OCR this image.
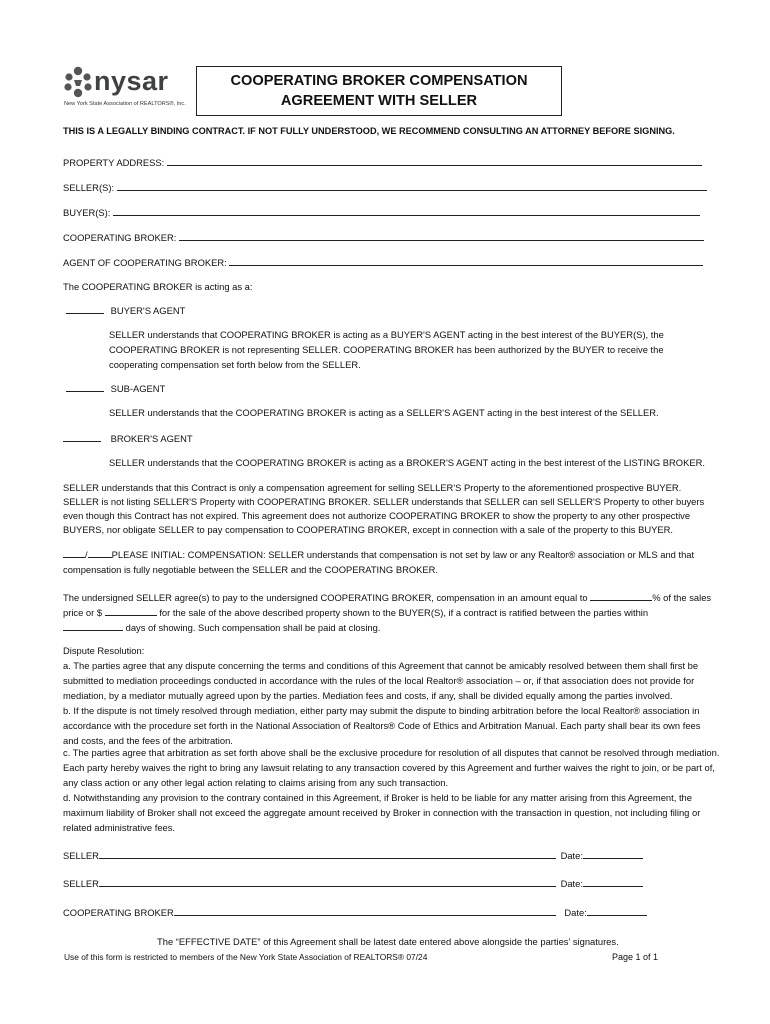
nysar
New York State Association of REALTORS®, Inc.
COOPERATING BROKER COMPENSATION
AGREEMENT WITH SELLER
THIS IS A LEGALLY BINDING CONTRACT. IF NOT FULLY UNDERSTOOD, WE RECOMMEND CONSULTING AN ATTORNEY BEFORE SIGNING.
PROPERTY ADDRESS:
SELLER(S):
BUYER(S):
COOPERATING BROKER:
AGENT OF COOPERATING BROKER:
The COOPERATING BROKER is acting as a:
BUYER'S AGENT
SELLER understands that COOPERATING BROKER is acting as a BUYER'S AGENT acting in the best interest of the BUYER(S), the
COOPERATING BROKER is not representing SELLER. COOPERATING BROKER has been authorized by the BUYER to receive the
cooperating compensation set forth below from the SELLER.
SUB-AGENT
SELLER understands that the COOPERATING BROKER is acting as a SELLER'S AGENT acting in the best interest of the SELLER.
BROKER'S AGENT
SELLER understands that the COOPERATING BROKER is acting as a BROKER'S AGENT acting in the best interest of the LISTING BROKER.
SELLER understands that this Contract is only a compensation agreement for selling SELLER'S Property to the aforementioned prospective BUYER.
SELLER is not listing SELLER'S Property with COOPERATING BROKER. SELLER understands that SELLER can sell SELLER'S Property to other buyers
even though this Contract has not expired. This agreement does not authorize COOPERATING BROKER to show the property to any other prospective
BUYERS, nor obligate SELLER to pay compensation to COOPERATING BROKER, except in connection with a sale of the property to this BUYER.
/	PLEASE INITIAL: COMPENSATION: SELLER understands that compensation is not set by law or any Realtor® association or MLS and that
compensation is fully negotiable between the SELLER and the COOPERATING BROKER.
The undersigned SELLER agree(s) to pay to the undersigned COOPERATING BROKER, compensation in an amount equal to	% of the sales
price or $	for the sale of the above described property shown to the BUYER(S), if a contract is ratified between the parties within
days of showing. Such compensation shall be paid at closing.
Dispute Resolution:
a. The parties agree that any dispute concerning the terms and conditions of this Agreement that cannot be amicably resolved between them shall first be
submitted to mediation proceedings conducted in accordance with the rules of the local Realtor® association – or, if that association does not provide for
mediation, by a mediator mutually agreed upon by the parties. Mediation fees and costs, if any, shall be divided equally among the parties involved.
b. If the dispute is not timely resolved through mediation, either party may submit the dispute to binding arbitration before the local Realtor® association in
accordance with the procedure set forth in the National Association of Realtors® Code of Ethics and Arbitration Manual. Each party shall bear its own fees
and costs, and the fees of the arbitration.
c. The parties agree that arbitration as set forth above shall be the exclusive procedure for resolution of all disputes that cannot be resolved through mediation.
Each party hereby waives the right to bring any lawsuit relating to any transaction covered by this Agreement and further waives the right to join, or be part of,
any class action or any other legal action relating to claims arising from any such transaction.
d. Notwithstanding any provision to the contrary contained in this Agreement, if Broker is held to be liable for any matter arising from this Agreement, the
maximum liability of Broker shall not exceed the aggregate amount received by Broker in connection with the transaction in question, not including filing or
related administrative fees.
SELLER	Date:
SELLER	Date:
COOPERATING BROKER	Date:
The “EFFECTIVE DATE” of this Agreement shall be latest date entered above alongside the parties’ signatures.
Use of this form is restricted to members of the New York State Association of REALTORS® 07/24	Page 1 of 1
